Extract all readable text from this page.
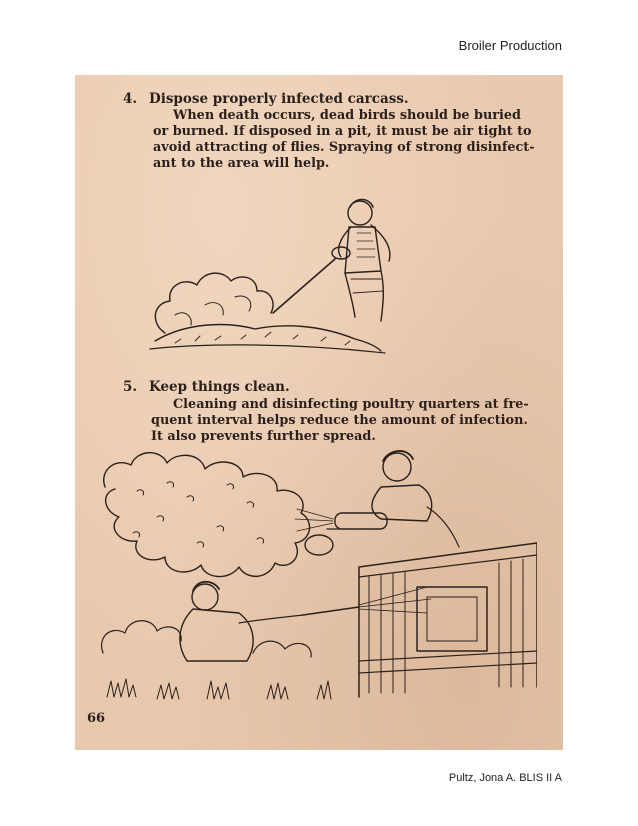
Broiler Production
4. Dispose properly infected carcass.
When death occurs, dead birds should be buried
or burned. If disposed in a pit, it must be air tight to
avoid attracting of flies. Spraying of strong disinfect-
ant to the area will help.
5. Keep things clean.
Cleaning and disinfecting poultry quarters at fre-
quent interval helps reduce the amount of infection.
It also prevents further spread.
66
Pultz, Jona A. BLIS II A
